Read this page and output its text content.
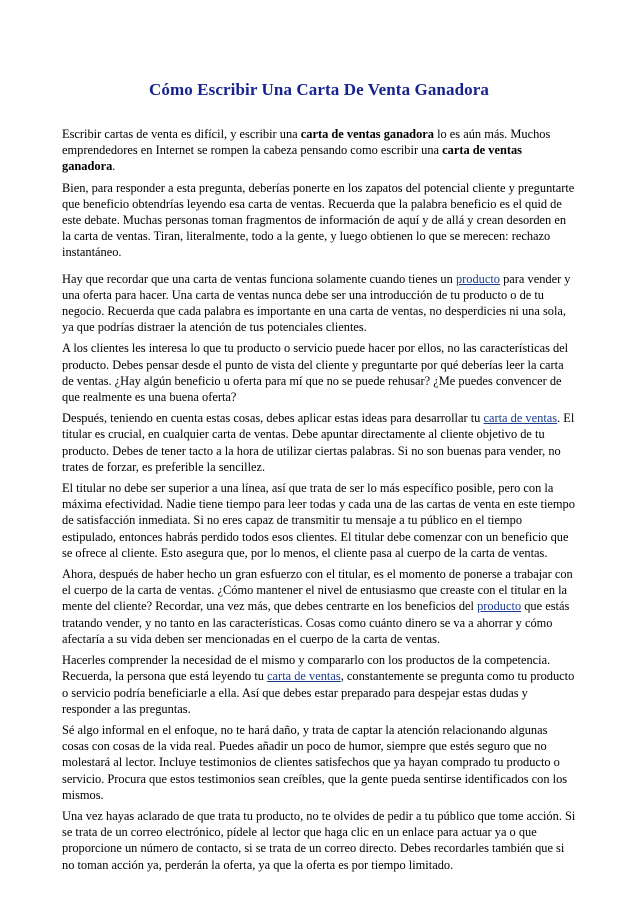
Cómo Escribir Una Carta De Venta Ganadora

Escribir cartas de venta es difícil, y escribir una carta de ventas ganadora lo es aún más. Muchos emprendedores en Internet se rompen la cabeza pensando como escribir una carta de ventas ganadora.

Bien, para responder a esta pregunta, deberías ponerte en los zapatos del potencial cliente y preguntarte que beneficio obtendrías leyendo esa carta de ventas. Recuerda que la palabra beneficio es el quid de este debate. Muchas personas toman fragmentos de información de aquí y de allá y crean desorden en la carta de ventas. Tiran, literalmente, todo a la gente, y luego obtienen lo que se merecen: rechazo instantáneo.

Hay que recordar que una carta de ventas funciona solamente cuando tienes un producto para vender y una oferta para hacer. Una carta de ventas nunca debe ser una introducción de tu producto o de tu negocio. Recuerda que cada palabra es importante en una carta de ventas, no desperdicies ni una sola, ya que podrías distraer la atención de tus potenciales clientes.

A los clientes les interesa lo que tu producto o servicio puede hacer por ellos, no las características del producto. Debes pensar desde el punto de vista del cliente y preguntarte por qué deberías leer la carta de ventas. ¿Hay algún beneficio u oferta para mí que no se puede rehusar? ¿Me puedes convencer de que realmente es una buena oferta?

Después, teniendo en cuenta estas cosas, debes aplicar estas ideas para desarrollar tu carta de ventas. El titular es crucial, en cualquier carta de ventas. Debe apuntar directamente al cliente objetivo de tu producto. Debes de tener tacto a la hora de utilizar ciertas palabras. Si no son buenas para vender, no trates de forzar, es preferible la sencillez.

El titular no debe ser superior a una línea, así que trata de ser lo más específico posible, pero con la máxima efectividad. Nadie tiene tiempo para leer todas y cada una de las cartas de venta en este tiempo de satisfacción inmediata. Si no eres capaz de transmitir tu mensaje a tu público en el tiempo estipulado, entonces habrás perdido todos esos clientes. El titular debe comenzar con un beneficio que se ofrece al cliente. Esto asegura que, por lo menos, el cliente pasa al cuerpo de la carta de ventas.

Ahora, después de haber hecho un gran esfuerzo con el titular, es el momento de ponerse a trabajar con el cuerpo de la carta de ventas. ¿Cómo mantener el nivel de entusiasmo que creaste con el titular en la mente del cliente? Recordar, una vez más, que debes centrarte en los beneficios del producto que estás tratando vender, y no tanto en las características. Cosas como cuánto dinero se va a ahorrar y cómo afectaría a su vida deben ser mencionadas en el cuerpo de la carta de ventas.

Hacerles comprender la necesidad de el mismo y compararlo con los productos de la competencia. Recuerda, la persona que está leyendo tu carta de ventas, constantemente se pregunta como tu producto o servicio podría beneficiarle a ella. Así que debes estar preparado para despejar estas dudas y responder a las preguntas.

Sé algo informal en el enfoque, no te hará daño, y trata de captar la atención relacionando algunas cosas con cosas de la vida real. Puedes añadir un poco de humor, siempre que estés seguro que no molestará al lector. Incluye testimonios de clientes satisfechos que ya hayan comprado tu producto o servicio. Procura que estos testimonios sean creíbles, que la gente pueda sentirse identificados con los mismos.

Una vez hayas aclarado de que trata tu producto, no te olvides de pedir a tu público que tome acción. Si se trata de un correo electrónico, pídele al lector que haga clic en un enlace para actuar ya o que proporcione un número de contacto, si se trata de un correo directo. Debes recordarles también que si no toman acción ya, perderán la oferta, ya que la oferta es por tiempo limitado.
